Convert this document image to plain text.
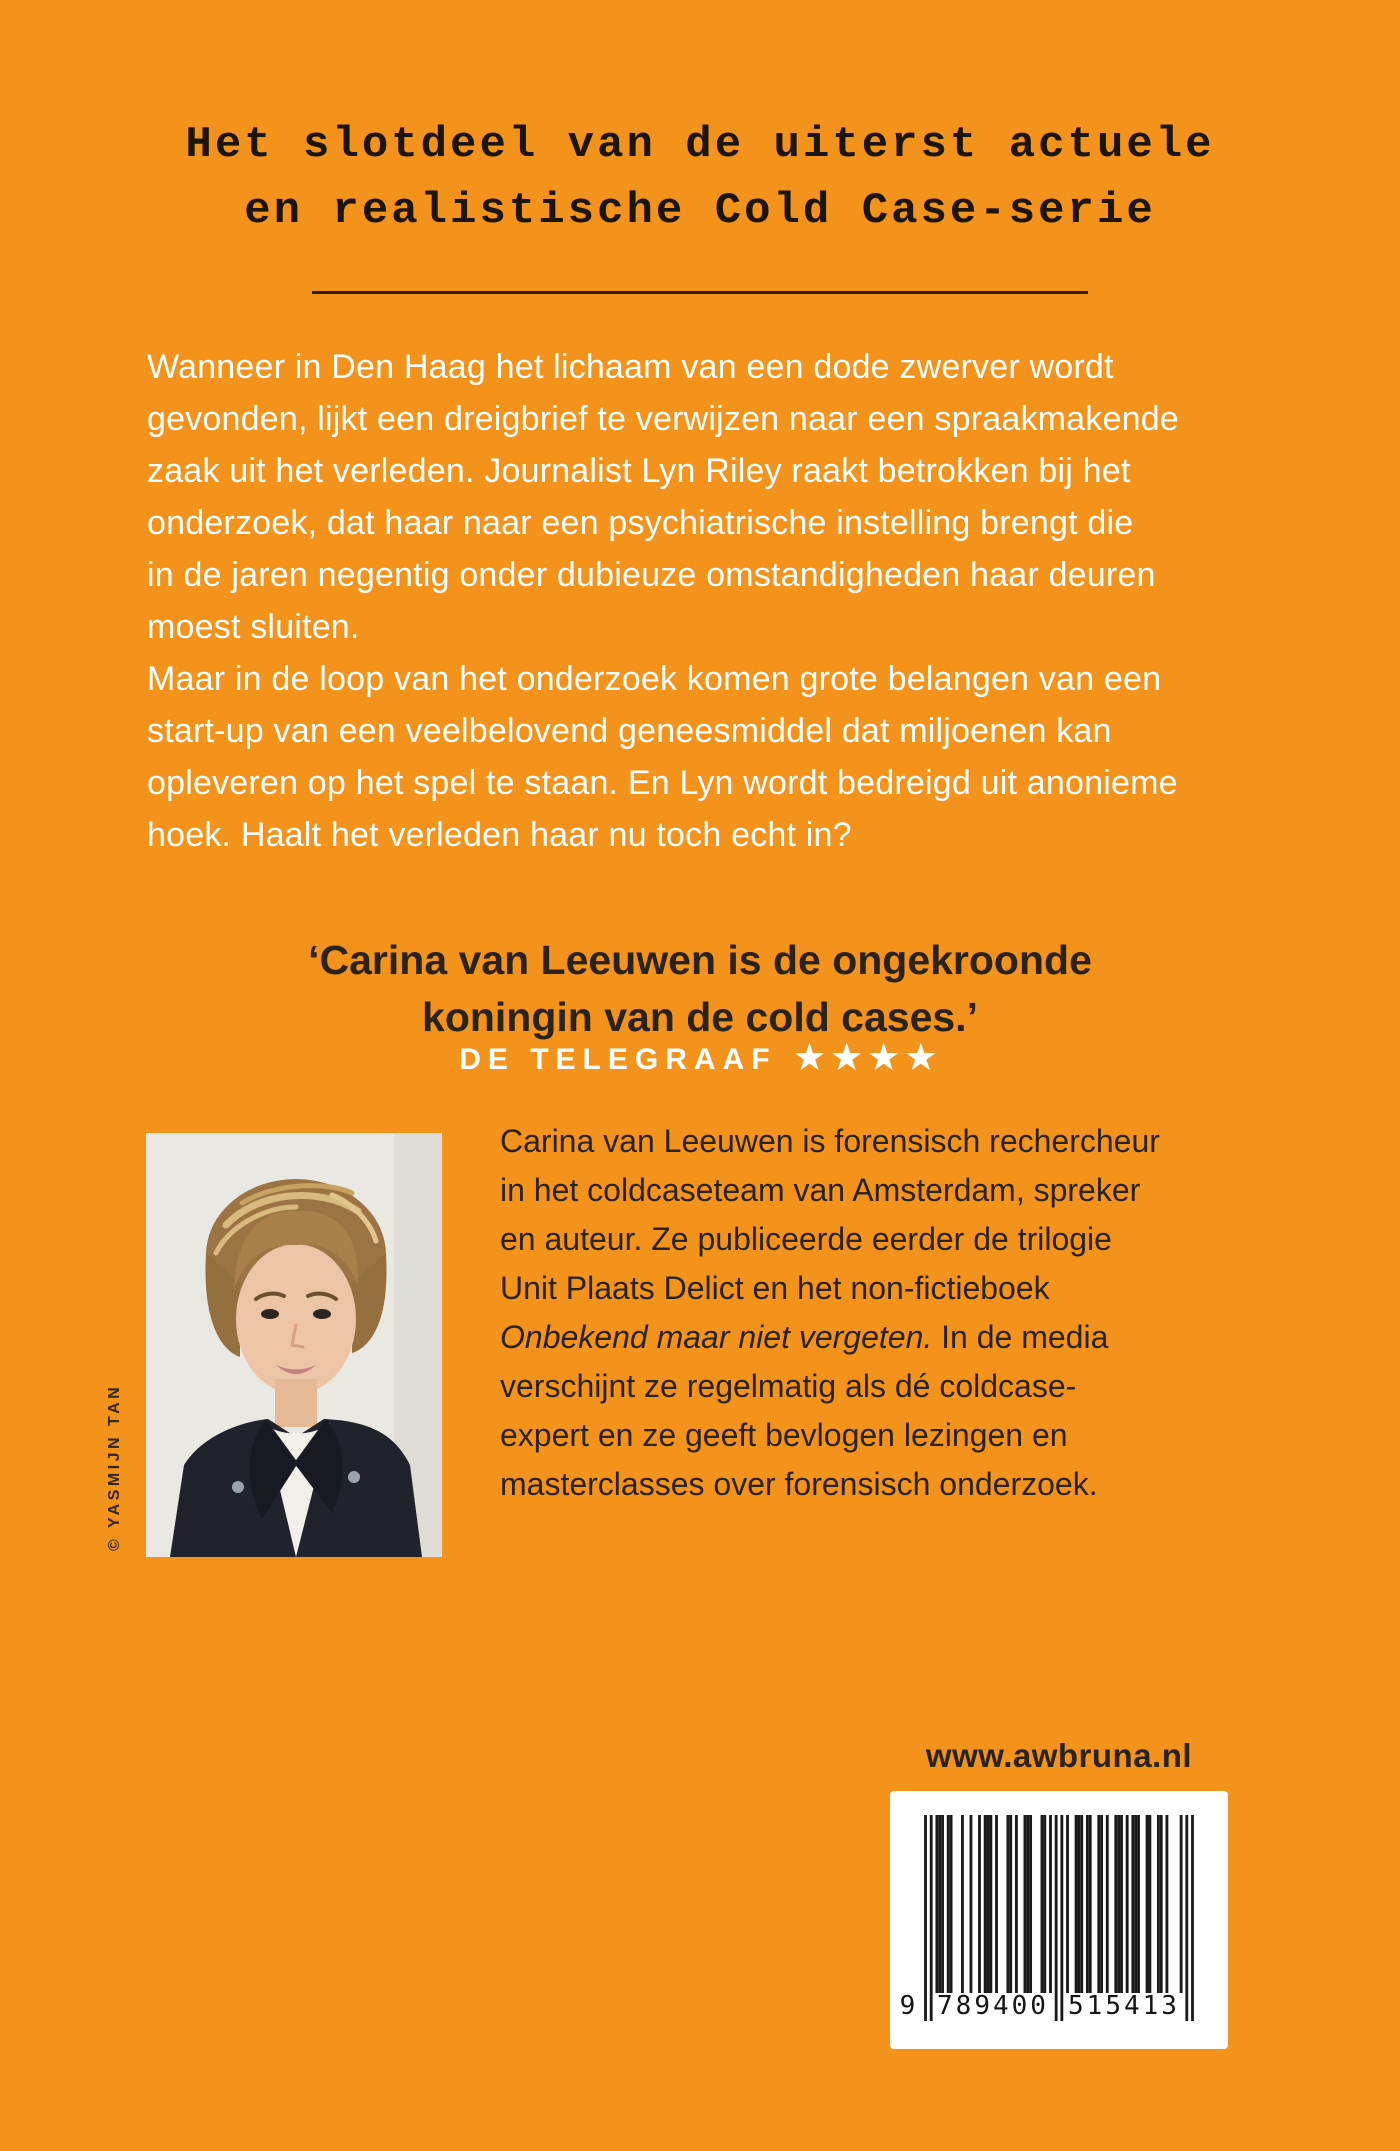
Het slotdeel van de uiterst actuele
en realistische Cold Case-serie
Wanneer in Den Haag het lichaam van een dode zwerver wordt
gevonden, lijkt een dreigbrief te verwijzen naar een spraakmakende
zaak uit het verleden. Journalist Lyn Riley raakt betrokken bij het
onderzoek, dat haar naar een psychiatrische instelling brengt die
in de jaren negentig onder dubieuze omstandigheden haar deuren
moest sluiten.
Maar in de loop van het onderzoek komen grote belangen van een
start-up van een veelbelovend geneesmiddel dat miljoenen kan
opleveren op het spel te staan. En Lyn wordt bedreigd uit anonieme
hoek. Haalt het verleden haar nu toch echt in?
‘Carina van Leeuwen is de ongekroonde
koningin van de cold cases.’
DE TELEGRAAF ★★★★
© YASMIJN TAN
Carina van Leeuwen is forensisch rechercheur
in het coldcaseteam van Amsterdam, spreker
en auteur. Ze publiceerde eerder de trilogie
Unit Plaats Delict en het non-fictieboek
Onbekend maar niet vergeten. In de media
verschijnt ze regelmatig als dé coldcase-
expert en ze geeft bevlogen lezingen en
masterclasses over forensisch onderzoek.
www.awbruna.nl
9 789400 515413
